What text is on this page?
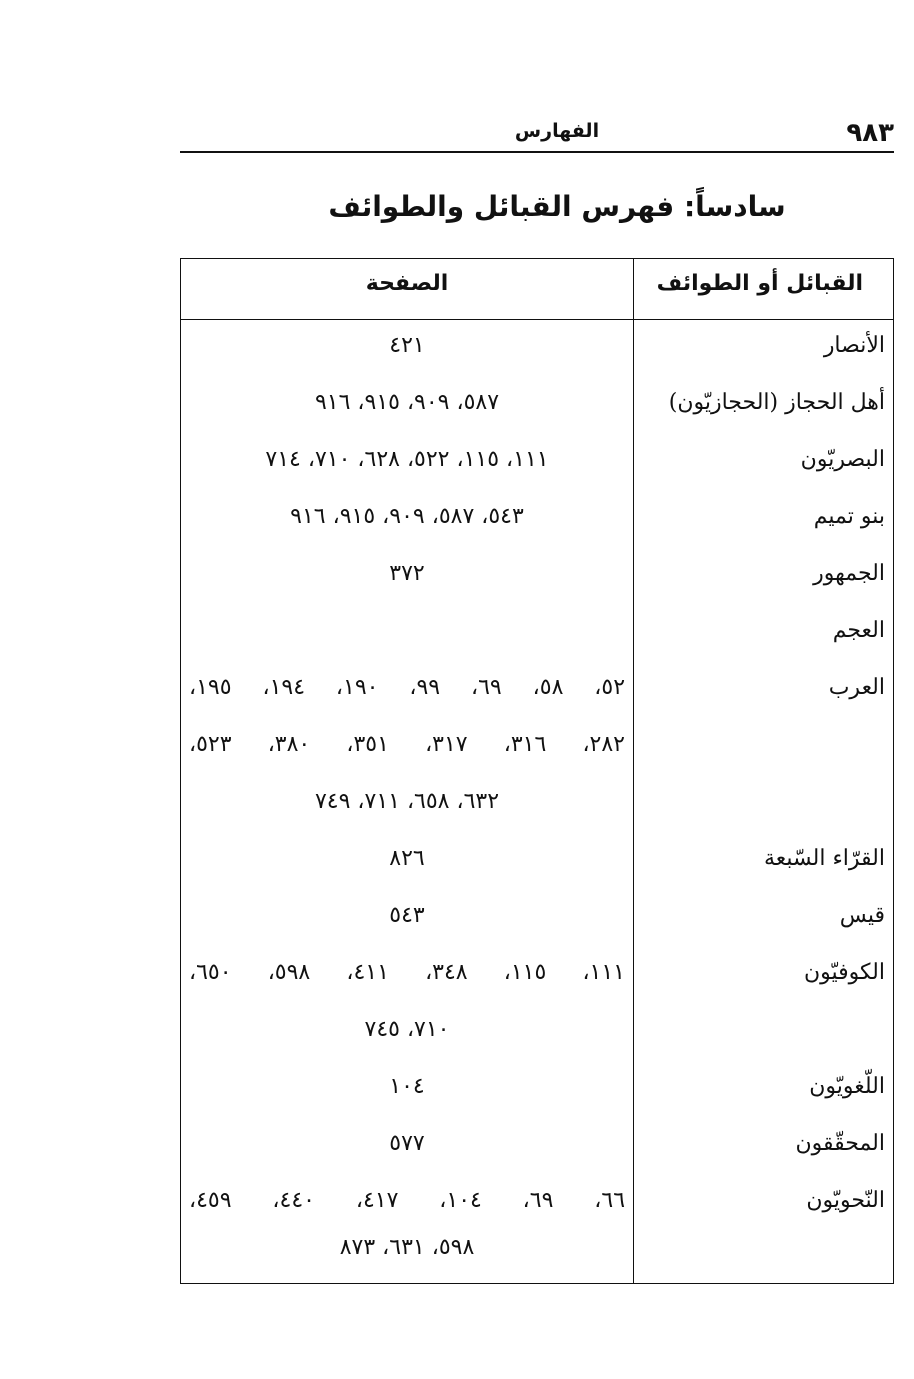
٩٨٣
الفهارس
سادساً: فهرس القبائل والطوائف
القبائل أو الطوائف
الصفحة
الأنصار
٤٢١
أهل الحجاز (الحجازيّون)
٥٨٧، ٩٠٩، ٩١٥، ٩١٦
البصريّون
١١١، ١١٥، ٥٢٢، ٦٢٨، ٧١٠، ٧١٤
بنو تميم
٥٤٣، ٥٨٧، ٩٠٩، ٩١٥، ٩١٦
الجمهور
٣٧٢
العجم
العرب
٥٢، ٥٨، ٦٩، ٩٩، ١٩٠، ١٩٤، ١٩٥،
٢٨٢، ٣١٦، ٣١٧، ٣٥١، ٣٨٠، ٥٢٣،
٦٣٢، ٦٥٨، ٧١١، ٧٤٩
القرّاء السّبعة
٨٢٦
قيس
٥٤٣
الكوفيّون
١١١، ١١٥، ٣٤٨، ٤١١، ٥٩٨، ٦٥٠،
٧١٠، ٧٤٥
اللّغويّون
١٠٤
المحقّقون
٥٧٧
النّحويّون
٦٦، ٦٩، ١٠٤، ٤١٧، ٤٤٠، ٤٥٩،
٥٩٨، ٦٣١، ٨٧٣
